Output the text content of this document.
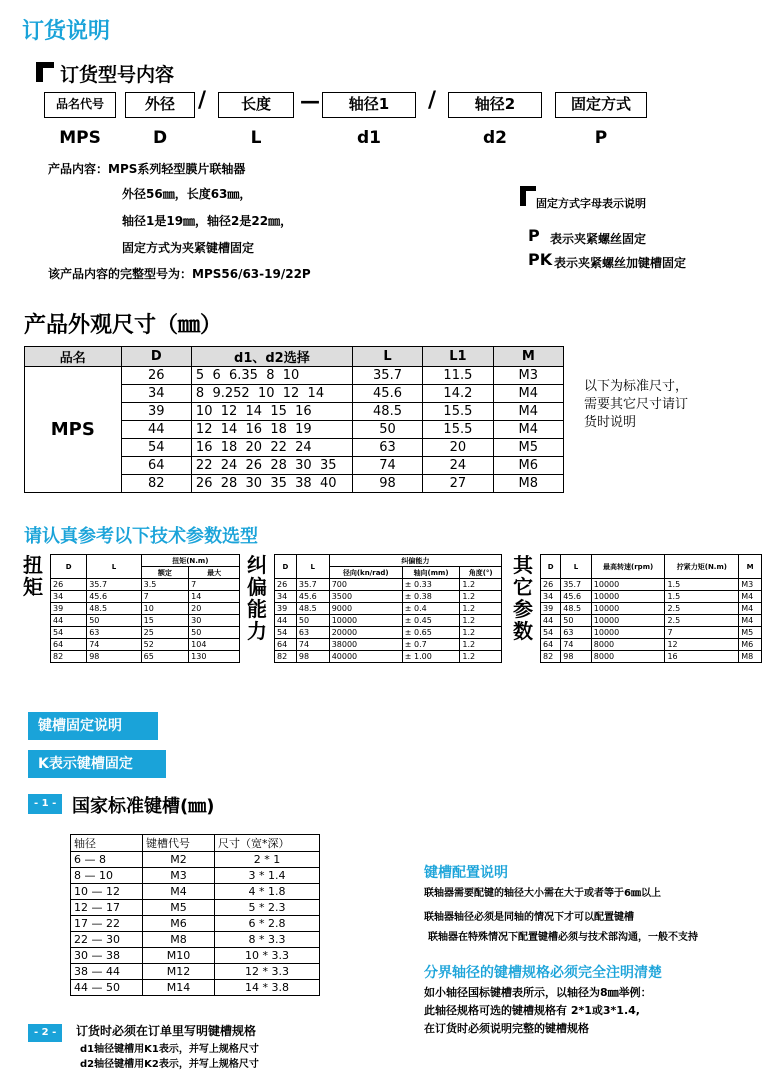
订货说明
订货型号内容
品名代号	外径	/	长度	—	轴径1	/	轴径2	固定方式
MPS	D	L	d1	d2	P
产品内容：MPS系列轻型膜片联轴器
外径56㎜，长度63㎜，
轴径1是19㎜，轴径2是22㎜，
固定方式为夹紧键槽固定
该产品内容的完整型号为：MPS56/63-19/22P
固定方式字母表示说明
P 表示夹紧螺丝固定
PK 表示夹紧螺丝加键槽固定
产品外观尺寸（㎜）
品名	D	d1、d2选择	L	L1	M
MPS	26	5  6  6.35  8  10	35.7	11.5	M3
	34	8  9.252  10  12  14	45.6	14.2	M4
	39	10  12  14  15  16	48.5	15.5	M4
	44	12  14  16  18  19	50	15.5	M4
	54	16  18  20  22  24	63	20	M5
	64	22  24  26  28  30  35	74	24	M6
	82	26  28  30  35  38  40	98	27	M8
以下为标准尺寸，需要其它尺寸请订货时说明
请认真参考以下技术参数选型
扭矩
D	L	扭矩(N.m)	
		额定	最大
26	35.7	3.5	7
34	45.6	7	14
39	48.5	10	20
44	50	15	30
54	63	25	50
64	74	52	104
82	98	65	130
纠偏能力
D	L	纠偏能力		
		径向(kn/rad)	轴向(mm)	角度(°)
26	35.7	700	± 0.33	1.2
34	45.6	3500	± 0.38	1.2
39	48.5	9000	± 0.4	1.2
44	50	10000	± 0.45	1.2
54	63	20000	± 0.65	1.2
64	74	38000	± 0.7	1.2
82	98	40000	± 1.00	1.2
其它参数
D	L	最高转速(rpm)	拧紧力矩(N.m)	M
26	35.7	10000	1.5	M3
34	45.6	10000	1.5	M4
39	48.5	10000	2.5	M4
44	50	10000	2.5	M4
54	63	10000	7	M5
64	74	8000	12	M6
82	98	8000	16	M8
键槽固定说明
K表示键槽固定
- 1 - 国家标准键槽(㎜)
轴径	键槽代号	尺寸（宽*深）
6 — 8	M2	2 * 1
8 — 10	M3	3 * 1.4
10 — 12	M4	4 * 1.8
12 — 17	M5	5 * 2.3
17 — 22	M6	6 * 2.8
22 — 30	M8	8 * 3.3
30 — 38	M10	10 * 3.3
38 — 44	M12	12 * 3.3
44 — 50	M14	14 * 3.8
键槽配置说明
联轴器需要配键的轴径大小需在大于或者等于6㎜以上
联轴器轴径必须是同轴的情况下才可以配置键槽
联轴器在特殊情况下配置键槽必须与技术部沟通，一般不支持
分界轴径的键槽规格必须完全注明清楚
如小轴径国标键槽表所示，以轴径为8㎜举例：
此轴径规格可选的键槽规格有 2*1或3*1.4,
在订货时必须说明完整的键槽规格
- 2 -	订货时必须在订单里写明键槽规格
d1轴径键槽用K1表示，并写上规格尺寸
d2轴径键槽用K2表示，并写上规格尺寸
